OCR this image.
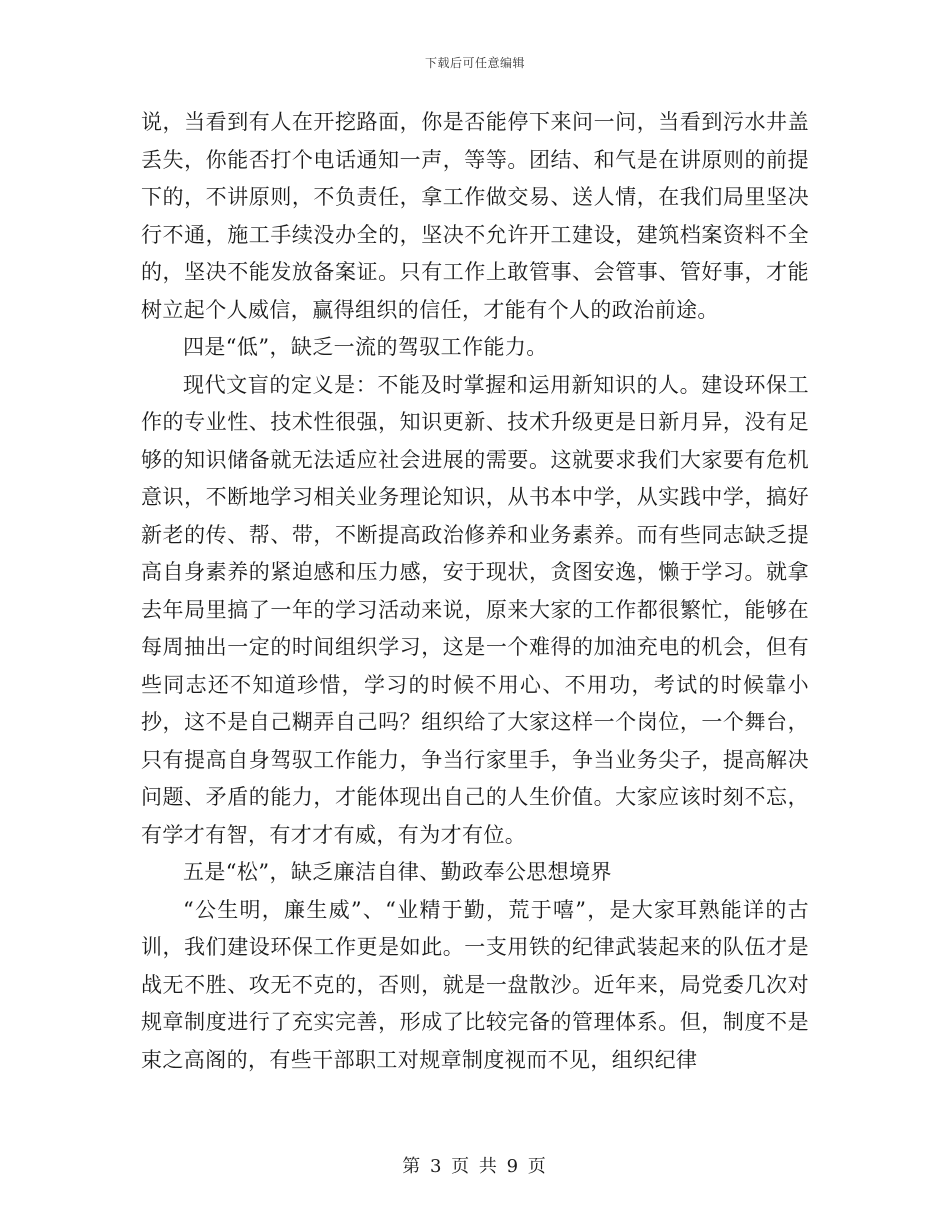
下载后可任意编辑

说，当看到有人在开挖路面，你是否能停下来问一问，当看到污水井盖丢失，你能否打个电话通知一声，等等。团结、和气是在讲原则的前提下的，不讲原则，不负责任，拿工作做交易、送人情，在我们局里坚决行不通，施工手续没办全的，坚决不允许开工建设，建筑档案资料不全的，坚决不能发放备案证。只有工作上敢管事、会管事、管好事，才能树立起个人威信，赢得组织的信任，才能有个人的政治前途。

四是“低”，缺乏一流的驾驭工作能力。

现代文盲的定义是：不能及时掌握和运用新知识的人。建设环保工作的专业性、技术性很强，知识更新、技术升级更是日新月异，没有足够的知识储备就无法适应社会进展的需要。这就要求我们大家要有危机意识，不断地学习相关业务理论知识，从书本中学，从实践中学，搞好新老的传、帮、带，不断提高政治修养和业务素养。而有些同志缺乏提高自身素养的紧迫感和压力感，安于现状，贪图安逸，懒于学习。就拿去年局里搞了一年的学习活动来说，原来大家的工作都很繁忙，能够在每周抽出一定的时间组织学习，这是一个难得的加油充电的机会，但有些同志还不知道珍惜，学习的时候不用心、不用功，考试的时候靠小抄，这不是自己糊弄自己吗？组织给了大家这样一个岗位，一个舞台，只有提高自身驾驭工作能力，争当行家里手，争当业务尖子，提高解决问题、矛盾的能力，才能体现出自己的人生价值。大家应该时刻不忘，有学才有智，有才才有威，有为才有位。

五是“松”，缺乏廉洁自律、勤政奉公思想境界

“公生明，廉生威”、“业精于勤，荒于嘻”，是大家耳熟能详的古训，我们建设环保工作更是如此。一支用铁的纪律武装起来的队伍才是战无不胜、攻无不克的，否则，就是一盘散沙。近年来，局党委几次对规章制度进行了充实完善，形成了比较完备的管理体系。但，制度不是束之高阁的，有些干部职工对规章制度视而不见，组织纪律

第 3 页 共 9 页
